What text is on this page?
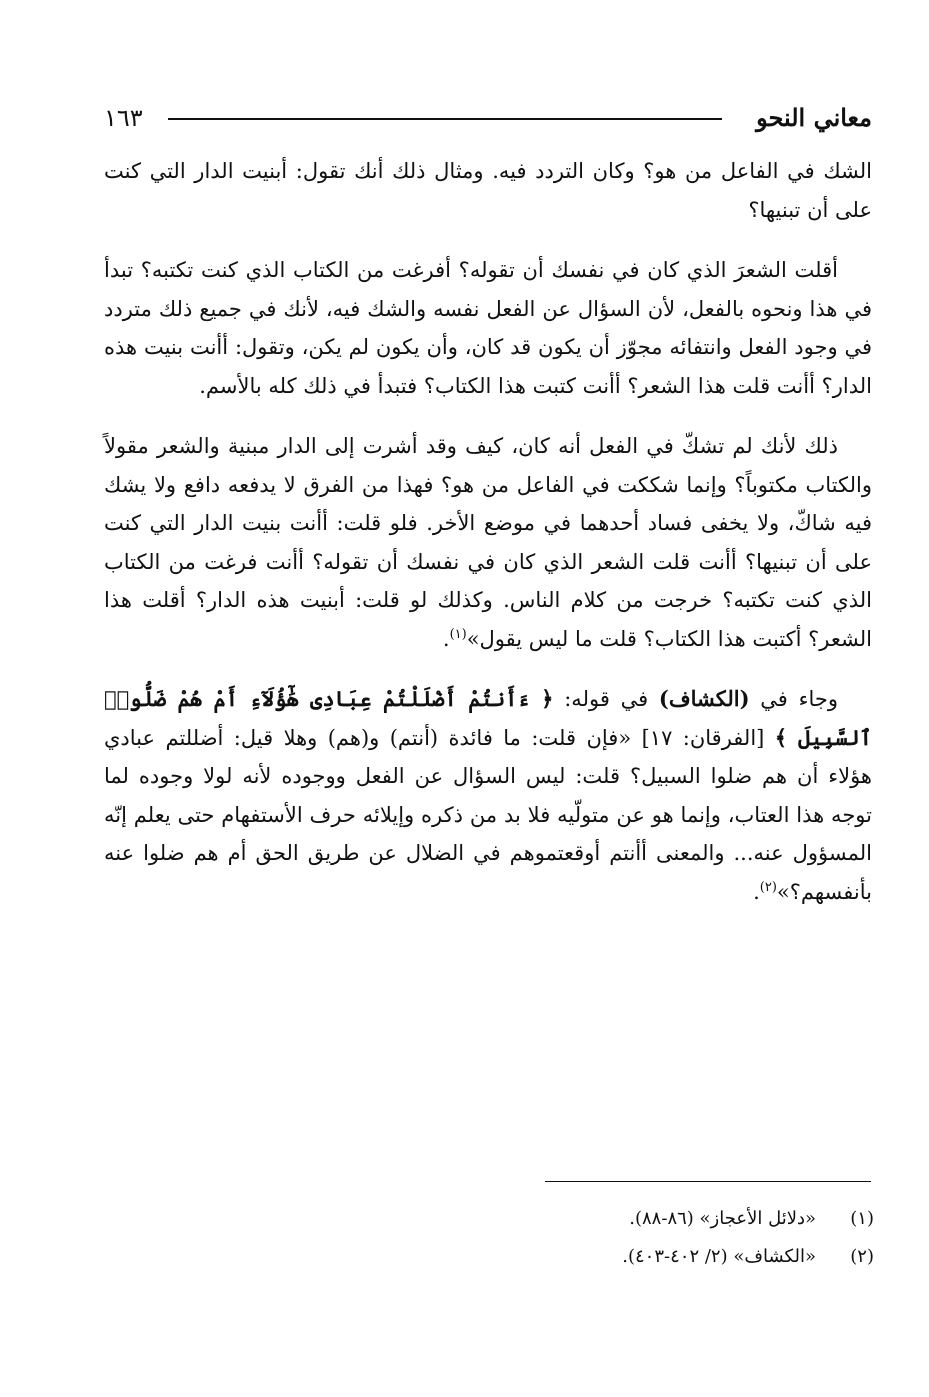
معاني النحو
١٦٣

الشك في الفاعل من هو؟ وكان التردد فيه. ومثال ذلك أنك تقول: أبنيت الدار التي كنت على أن تبنيها؟

أقلت الشعرَ الذي كان في نفسك أن تقوله؟ أفرغت من الكتاب الذي كنت تكتبه؟ تبدأ في هذا ونحوه بالفعل، لأن السؤال عن الفعل نفسه والشك فيه، لأنك في جميع ذلك متردد في وجود الفعل وانتفائه مجوّز أن يكون قد كان، وأن يكون لم يكن، وتقول: أأنت بنيت هذه الدار؟ أأنت قلت هذا الشعر؟ أأنت كتبت هذا الكتاب؟ فتبدأ في ذلك كله بالأسم.

ذلك لأنك لم تشكّ في الفعل أنه كان، كيف وقد أشرت إلى الدار مبنية والشعر مقولاً والكتاب مكتوباً؟ وإنما شككت في الفاعل من هو؟ فهذا من الفرق لا يدفعه دافع ولا يشك فيه شاكّ، ولا يخفى فساد أحدهما في موضع الأخر. فلو قلت: أأنت بنيت الدار التي كنت على أن تبنيها؟ أأنت قلت الشعر الذي كان في نفسك أن تقوله؟ أأنت فرغت من الكتاب الذي كنت تكتبه؟ خرجت من كلام الناس. وكذلك لو قلت: أبنيت هذه الدار؟ أقلت هذا الشعر؟ أكتبت هذا الكتاب؟ قلت ما ليس يقول»$^{(١)}$.

وجاء في (الكشاف) في قوله: ﴿ ءَأَنتُمْ أَضْلَلْتُمْ عِبَادِى هَٰٓؤُلَآءِ أَمْ هُمْ ضَلُّوا۟ ٱلسَّبِيلَ ﴾ [الفرقان: ١٧] «فإن قلت: ما فائدة (أنتم) و(هم) وهلا قيل: أضللتم عبادي هؤلاء أن هم ضلوا السبيل؟ قلت: ليس السؤال عن الفعل ووجوده لأنه لولا وجوده لما توجه هذا العتاب، وإنما هو عن متولّيه فلا بد من ذكره وإيلائه حرف الأستفهام حتى يعلم إنّه المسؤول عنه... والمعنى أأنتم أوقعتموهم في الضلال عن طريق الحق أم هم ضلوا عنه بأنفسهم؟»$^{(٢)}$.

(١)«دلائل الأعجاز» (٨٦-٨٨).
(٢)«الكشاف» (٢/ ٤٠٢-٤٠٣).
